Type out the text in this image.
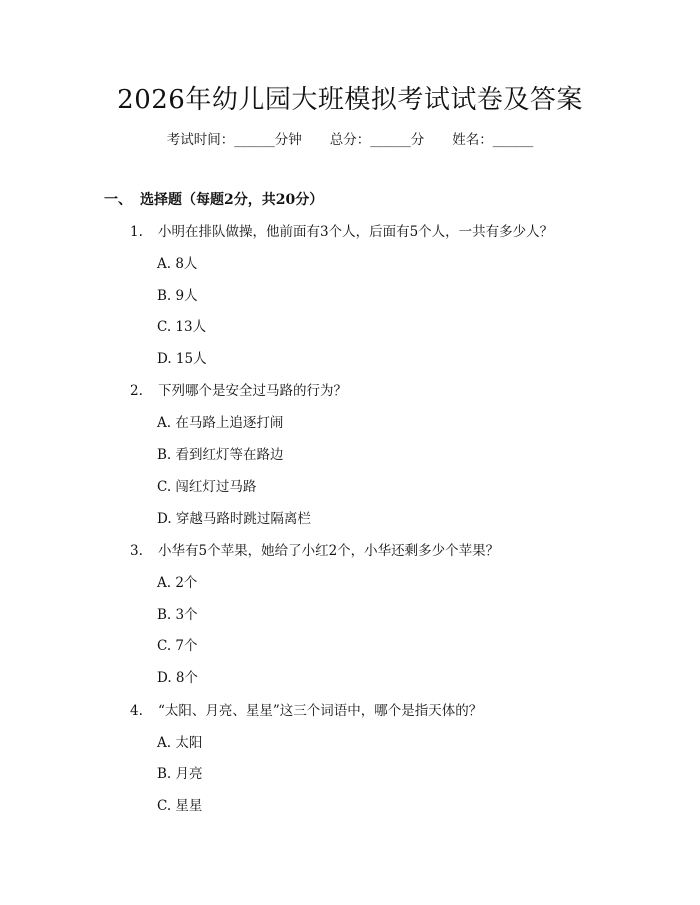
2026年幼儿园大班模拟考试试卷及答案
考试时间：______分钟 总分：______分 姓名：______
一、 选择题（每题2分，共20分）
1. 小明在排队做操，他前面有3个人，后面有5个人，一共有多少人？
A. 8人
B. 9人
C. 13人
D. 15人
2. 下列哪个是安全过马路的行为？
A. 在马路上追逐打闹
B. 看到红灯等在路边
C. 闯红灯过马路
D. 穿越马路时跳过隔离栏
3. 小华有5个苹果，她给了小红2个，小华还剩多少个苹果？
A. 2个
B. 3个
C. 7个
D. 8个
4. “太阳、月亮、星星”这三个词语中，哪个是指天体的？
A. 太阳
B. 月亮
C. 星星
